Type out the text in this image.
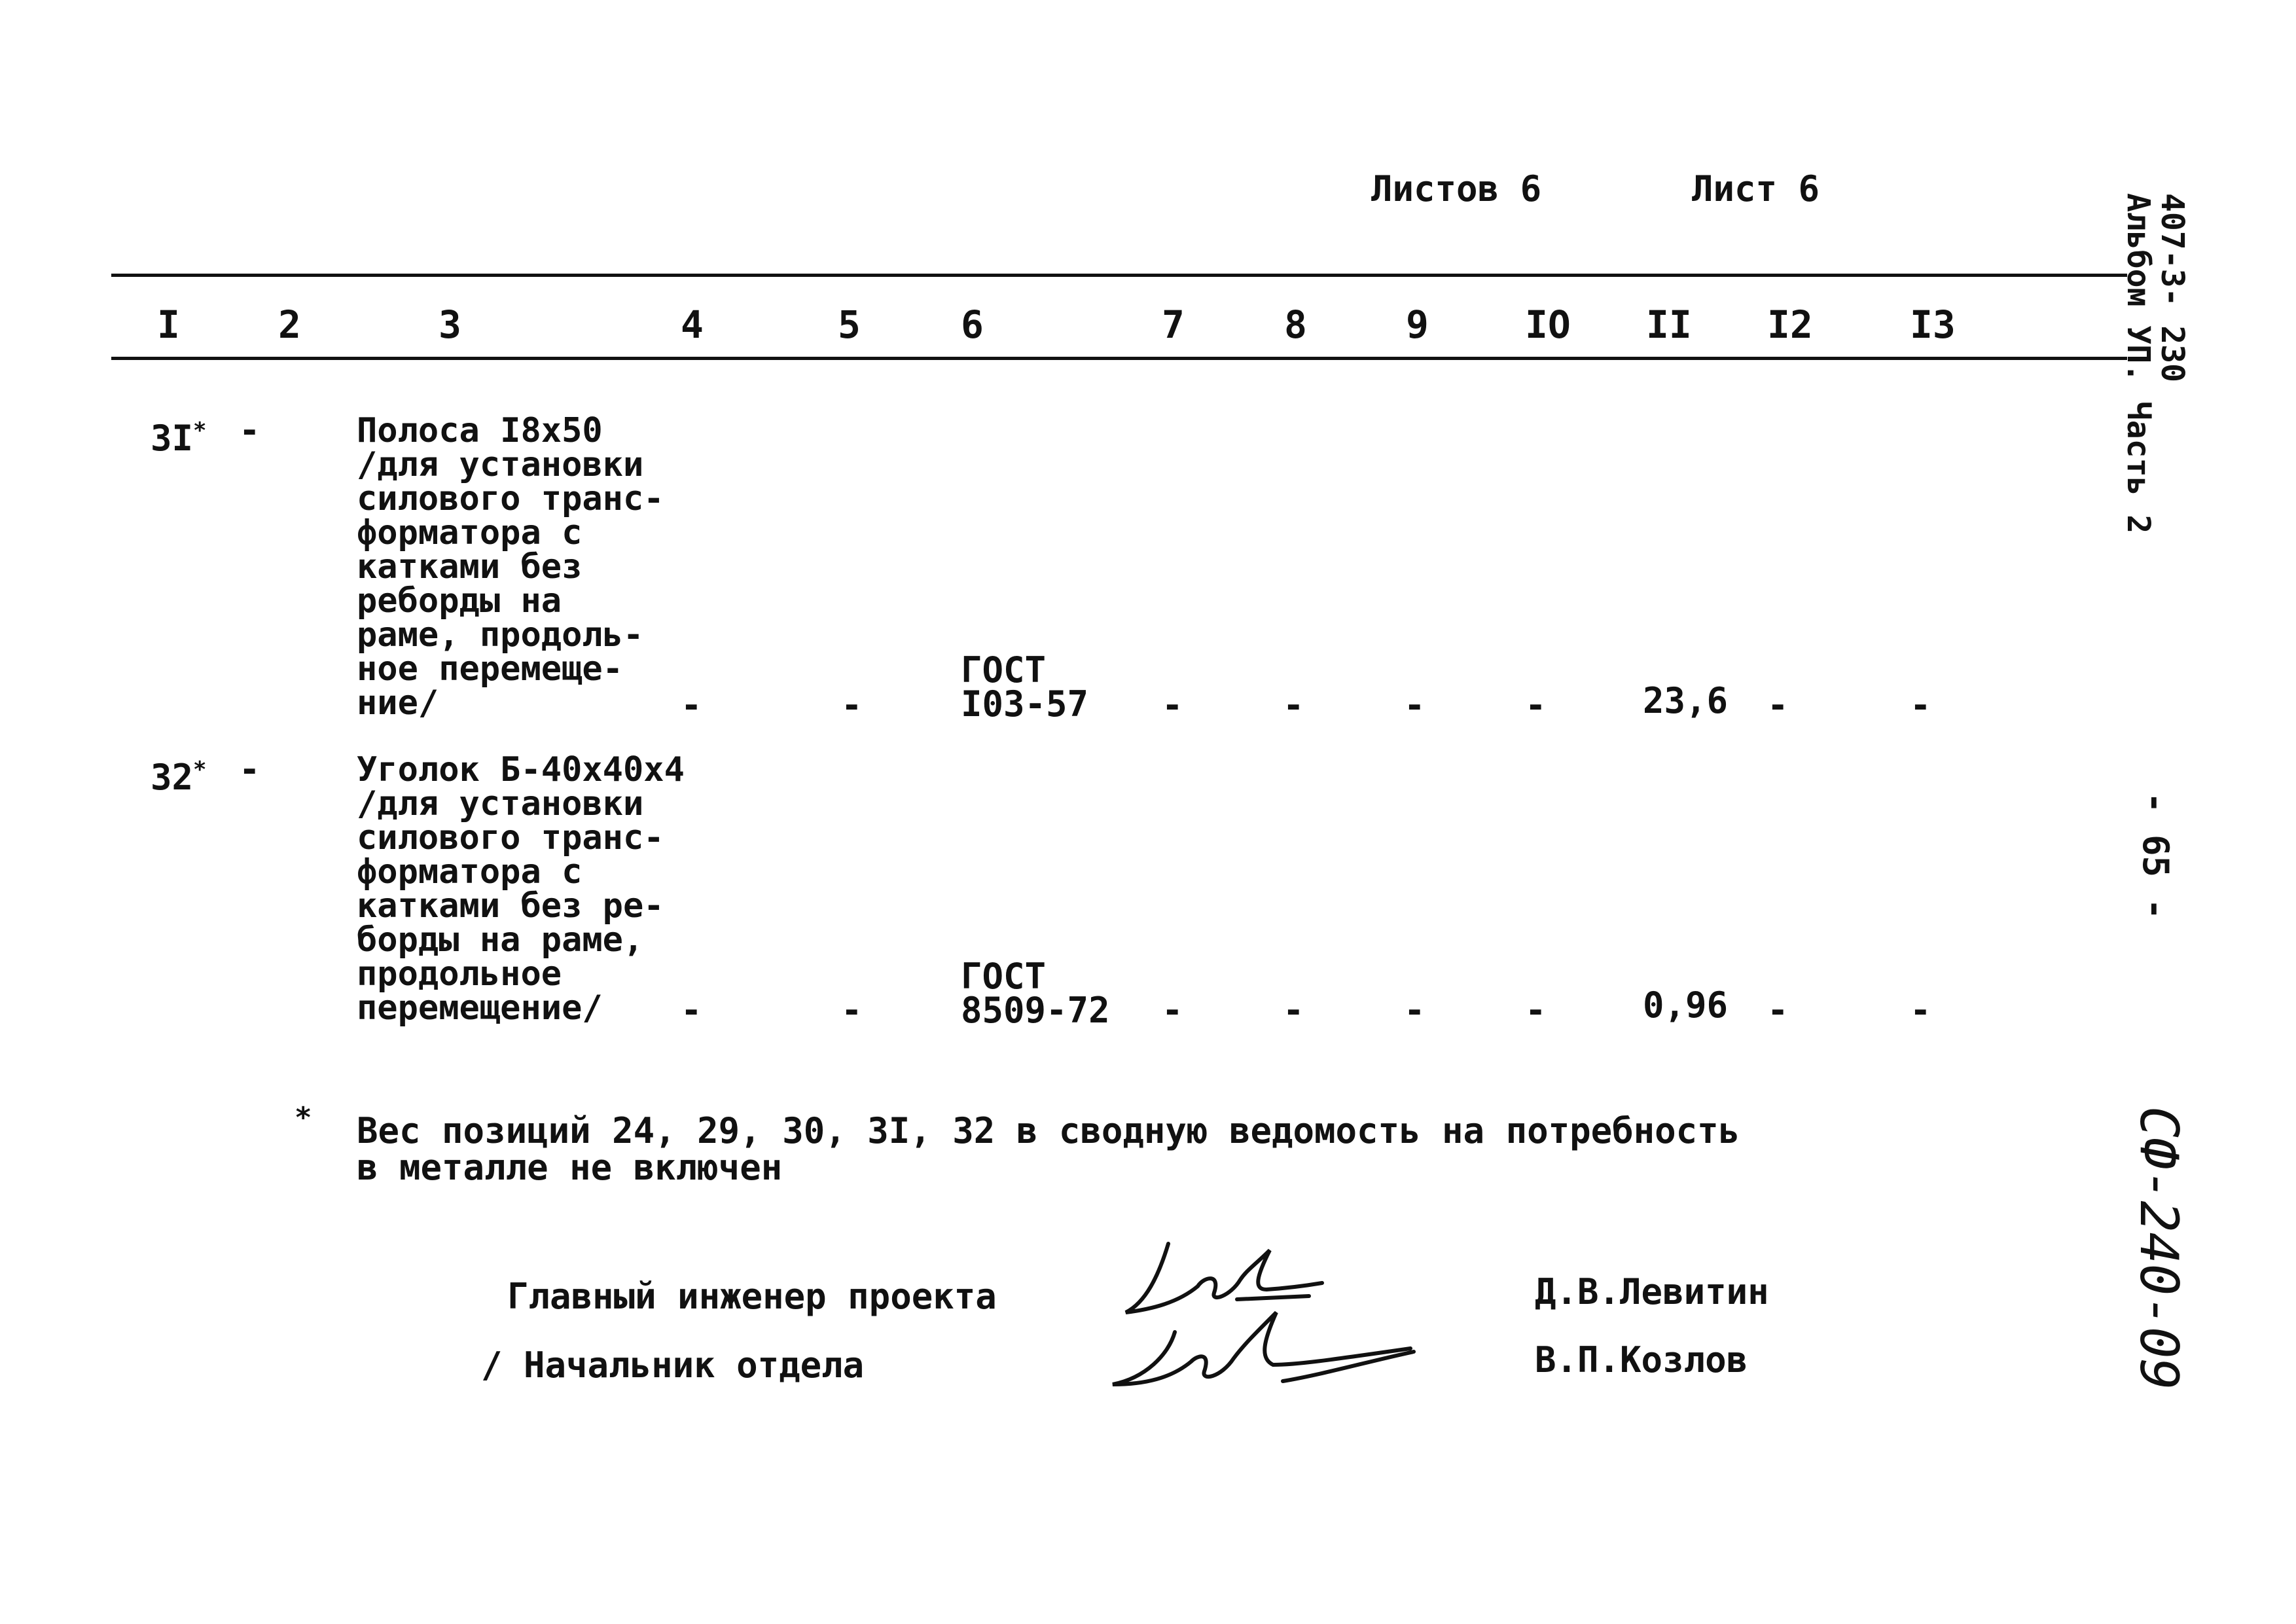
Листов 6	Лист 6
I	2	3	4	5	6	7	8	9	IO II I2	I3
3I* -	Полоса I8х50
/для установки
силового транс-
форматора с
катками без
реборды на
раме, продоль-
ное перемеще-
ние/	-	-
ГОСТ
I03-57 -	-	-	-	23,6 -	-
32* -	Уголок Б-40х40х4
/для установки
силового транс-
форматора с
катками без ре-
борды на раме,
продольное
перемещение/	-	-
ГОСТ
8509-72 -	-	-	-	0,96 -	-
* Вес позиций 24, 29, 30, 3I, 32 в сводную ведомость на потребность
в металле не включен
Главный инженер проекта
/ Начальник отдела
Д.В.Левитин
В.П.Козлов
407-3- 230
Альбом УП. Часть 2
- 65 -
СФ-240-09
